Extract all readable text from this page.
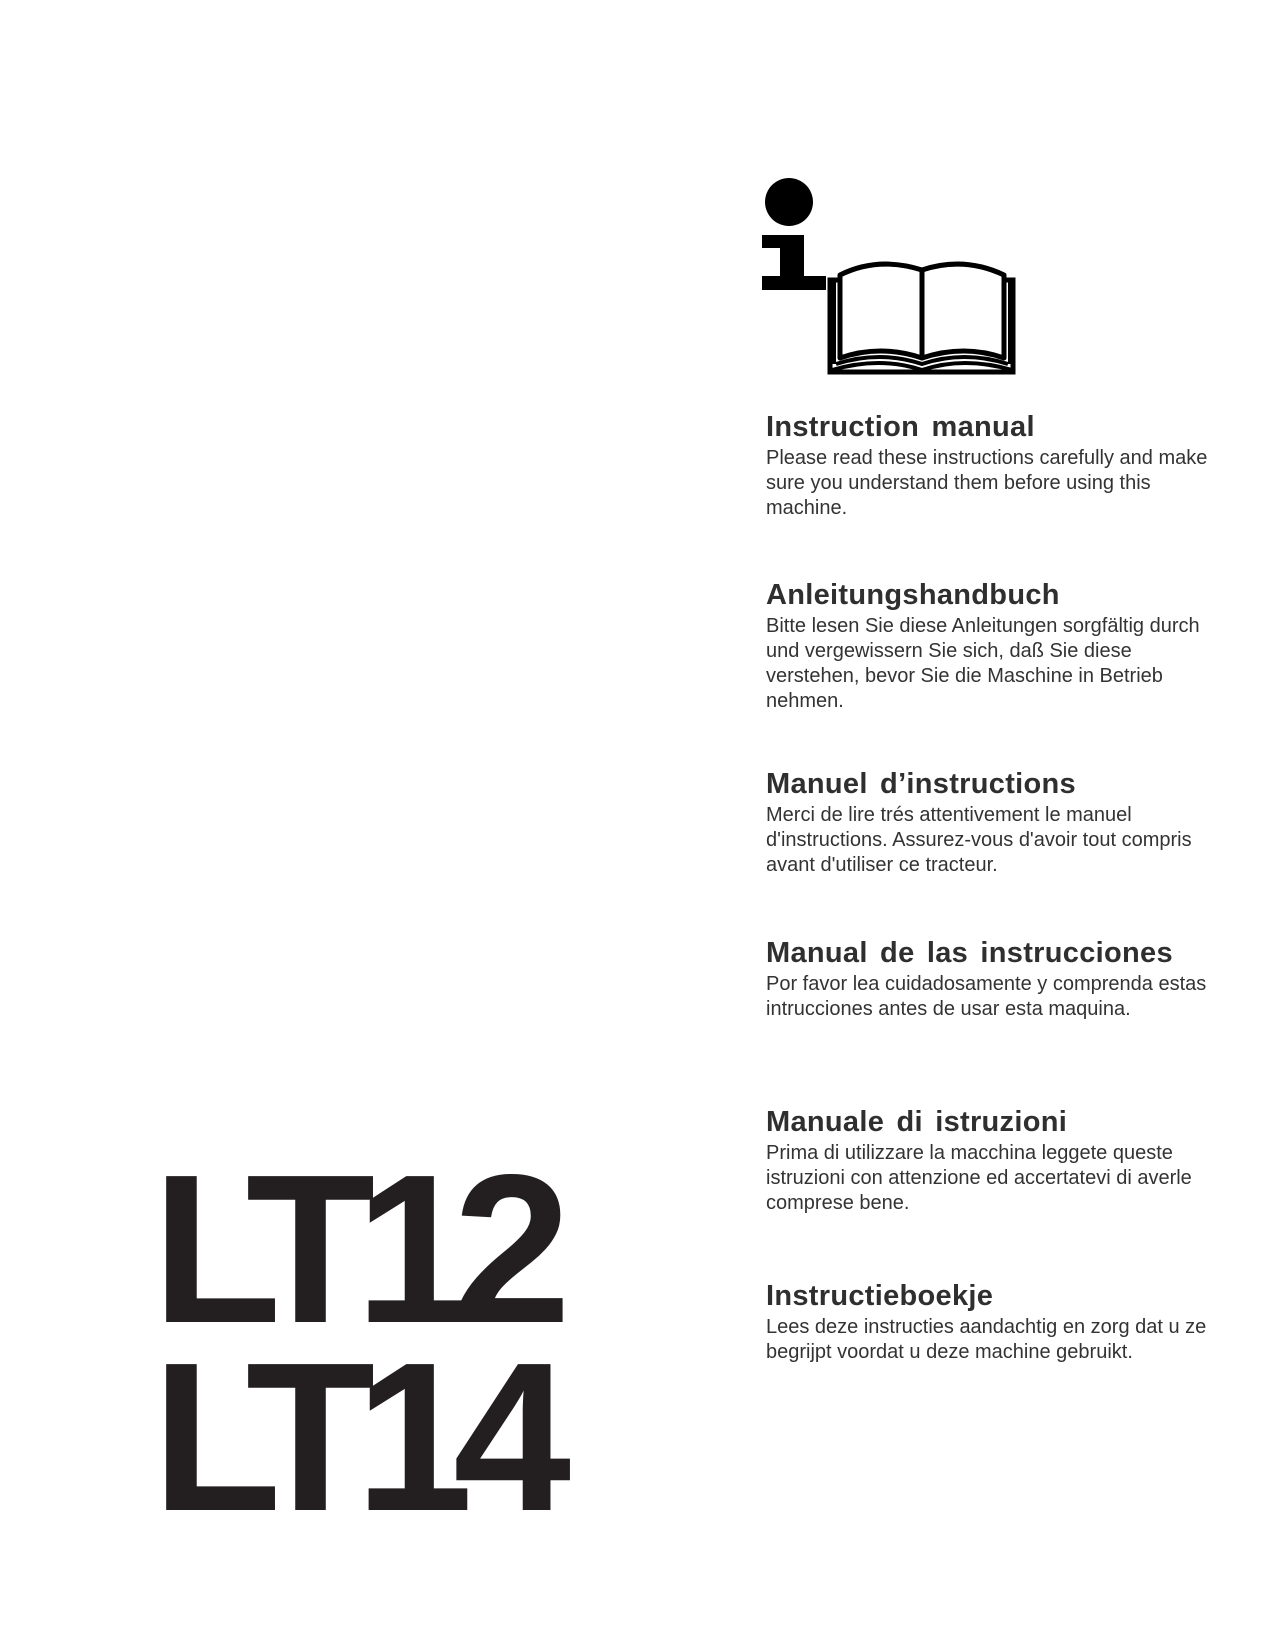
Instruction manual

Please read these instructions carefully and make sure you understand them before using this machine.

Anleitungshandbuch

Bitte lesen Sie diese Anleitungen sorgfältig durch und vergewissern Sie sich, daß Sie diese verstehen, bevor Sie die Maschine in Betrieb nehmen.

Manuel d’instructions

Merci de lire trés attentivement le manuel d'instructions. Assurez-vous d'avoir tout compris avant d'utiliser ce tracteur.

Manual de las instrucciones

Por favor lea cuidadosamente y comprenda estas intrucciones antes de usar esta maquina.

Manuale di istruzioni

Prima di utilizzare la macchina leggete queste istruzioni con attenzione ed accertatevi di averle comprese bene.

Instructieboekje

Lees deze instructies aandachtig en zorg dat u ze begrijpt voordat u deze machine gebruikt.

LT12

LT14
